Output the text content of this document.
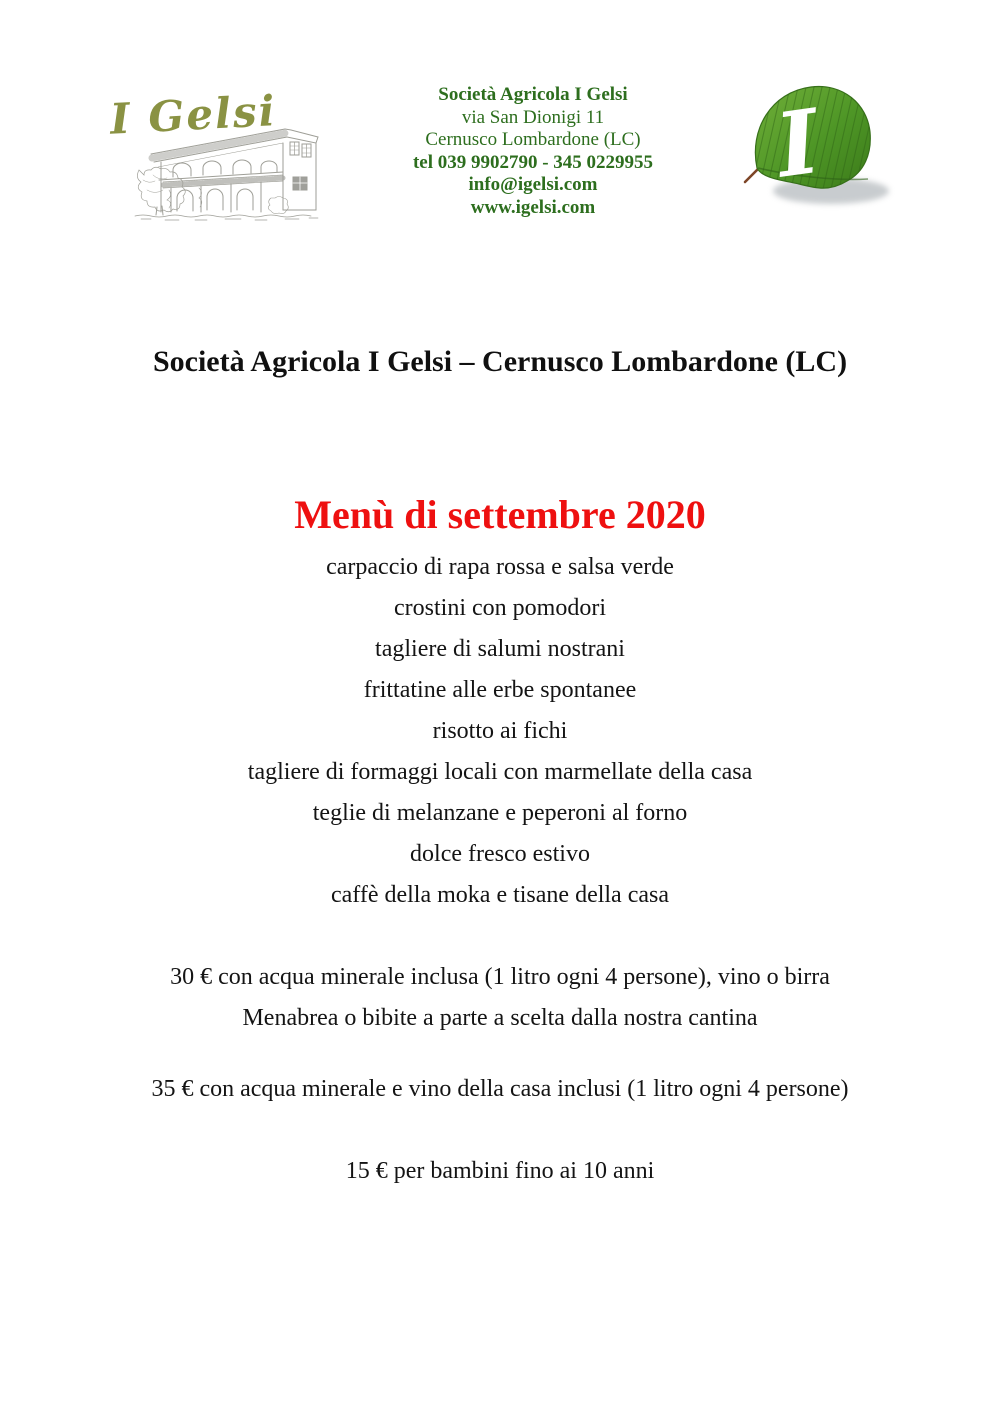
I Gelsi	Società Agricola I Gelsi
via San Dionigi 11
Cernusco Lombardone (LC)
tel 039 9902790 - 345 0229955
info@igelsi.com
www.igelsi.com
I
Società Agricola I Gelsi – Cernusco Lombardone (LC)
Menù di settembre 2020
carpaccio di rapa rossa e salsa verde
crostini con pomodori
tagliere di salumi nostrani
frittatine alle erbe spontanee
risotto ai fichi
tagliere di formaggi locali con marmellate della casa
teglie di melanzane e peperoni al forno
dolce fresco estivo
caffè della moka e tisane della casa

30 € con acqua minerale inclusa (1 litro ogni 4 persone), vino o birra
Menabrea o bibite a parte a scelta dalla nostra cantina

35 € con acqua minerale e vino della casa inclusi (1 litro ogni 4 persone)

15 € per bambini fino ai 10 anni
